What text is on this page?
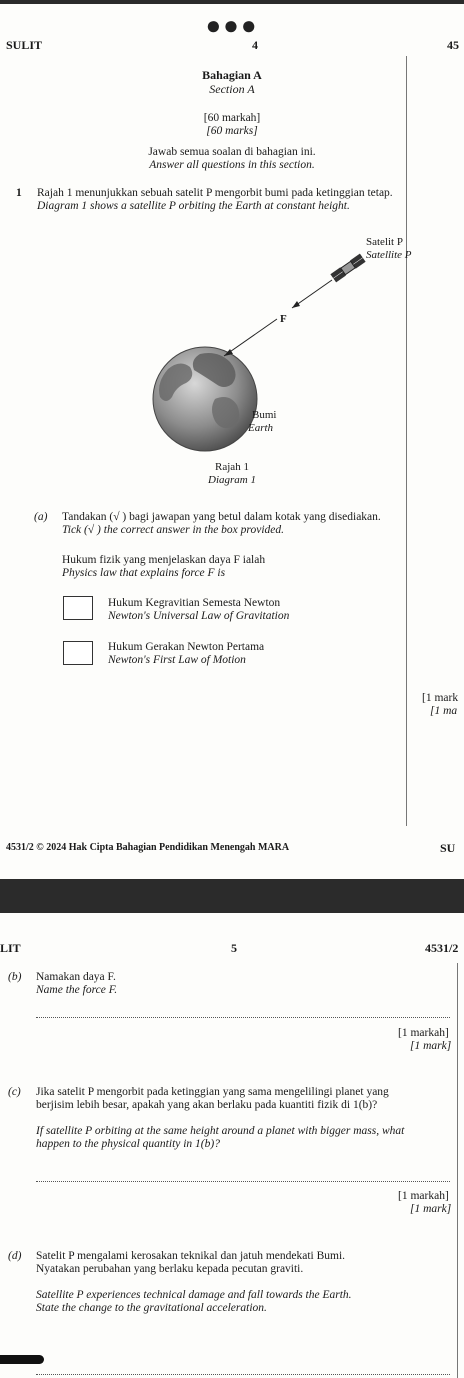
●●●
SULIT	4	45
Bahagian A
Section A
[60 markah]
[60 marks]
Jawab semua soalan di bahagian ini.
Answer all questions in this section.
1 Rajah 1 menunjukkan sebuah satelit P mengorbit bumi pada ketinggian tetap.
Diagram 1 shows a satellite P orbiting the Earth at constant height.
Satelit P
Satellite P
F
Bumi
Earth
Rajah 1
Diagram 1
(a) Tandakan (√ ) bagi jawapan yang betul dalam kotak yang disediakan.
Tick (√ ) the correct answer in the box provided.
Hukum fizik yang menjelaskan daya F ialah
Physics law that explains force F is
Hukum Kegravitian Semesta Newton
Newton's Universal Law of Gravitation
Hukum Gerakan Newton Pertama
Newton's First Law of Motion
[1 mark
[1 ma
4531/2 © 2024 Hak Cipta Bahagian Pendidikan Menengah MARA	SU
LIT	5	4531/2
(b) Namakan daya F.
Name the force F.
[1 markah]
[1 mark]
(c) Jika satelit P mengorbit pada ketinggian yang sama mengelilingi planet yang
berjisim lebih besar, apakah yang akan berlaku pada kuantiti fizik di 1(b)?
If satellite P orbiting at the same height around a planet with bigger mass, what
happen to the physical quantity in 1(b)?
[1 markah]
[1 mark]
(d) Satelit P mengalami kerosakan teknikal dan jatuh mendekati Bumi.
Nyatakan perubahan yang berlaku kepada pecutan graviti.
Satellite P experiences technical damage and fall towards the Earth.
State the change to the gravitational acceleration.
